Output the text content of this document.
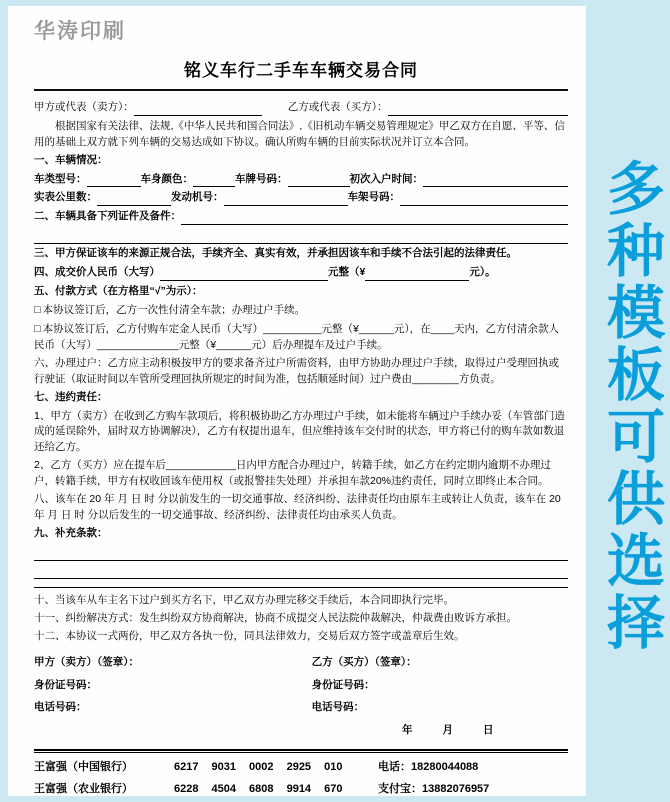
华涛印刷
铭义车行二手车车辆交易合同
甲方或代表（卖方）：	乙方或代表（买方）：

根据国家有关法律、法规,《中华人民共和国合同法》,《旧机动车辆交易管理规定》甲乙双方在自愿、平等、信用的基础上双方就下列车辆的交易达成如下协议。确认所购车辆的目前实际状况并订立本合同。

一、车辆情况：

车类型号：	车身颜色：	车牌号码：	初次入户时间：
实表公里数：	发动机号：	车架号码：
二、车辆具备下列证件及备件：

三、甲方保证该车的来源正规合法，手续齐全、真实有效，并承担因该车和手续不合法引起的法律责任。

四、成交价人民币（大写）	元整（¥	元）。

五、付款方式（在方格里“√”为示）：

□ 本协议签订后，乙方一次性付清全车款；办理过户手续。

□ 本协议签订后，乙方付购车定金人民币（大写）__________元整（¥______元），在____天内，乙方付清余款人民币（大写）______________元整（¥______元）后办理提车及过户手续。

六、办理过户：乙方应主动积极按甲方的要求备齐过户所需资料，由甲方协助办理过户手续，取得过户受理回执或行驶证（取证时间以车管所受理回执所规定的时间为准，包括顺延时间）过户费由________方负责。

七、违约责任：

1、甲方（卖方）在收到乙方购车款项后，将积极协助乙方办理过户手续，如未能将车辆过户手续办妥（车管部门造成的延误除外，届时双方协调解决），乙方有权提出退车，但应维持该车交付时的状态，甲方将已付的购车款如数退还给乙方。

2、乙方（买方）应在提车后____________日内甲方配合办理过户，转籍手续，如乙方在约定期内逾期不办理过户，转籍手续，甲方有权收回该车使用权（或报警挂失处理）并承担车款20%违约责任，同时立即终止本合同。

八、该车在 20 年 月 日 时 分以前发生的一切交通事故、经济纠纷、法律责任均由原车主或转让人负责，该车在 20 年 月 日 时 分以后发生的一切交通事故、经济纠纷、法律责任均由承买人负责。

九、补充条款：

十、当该车从车主名下过户到买方名下，甲乙双方办理完移交手续后，本合同即执行完毕。

十一、纠纷解决方式：发生纠纷双方协商解决，协商不成提交人民法院仲裁解决，仲裁费由败诉方承担。

十二、本协议一式两份，甲乙双方各执一份，同具法律效力，交易后双方签字或盖章后生效。

甲方（卖方）（签章）：	乙方（买方）（签章）：
身份证号码：	身份证号码：
电话号码：	电话号码：
年	月	日
王富强（中国银行）	6217 9031 0002 2925 010	电话： 18280044088
王富强（农业银行）	6228 4504 6808 9914 670	支付宝： 13882076957
多种模板可供选择
